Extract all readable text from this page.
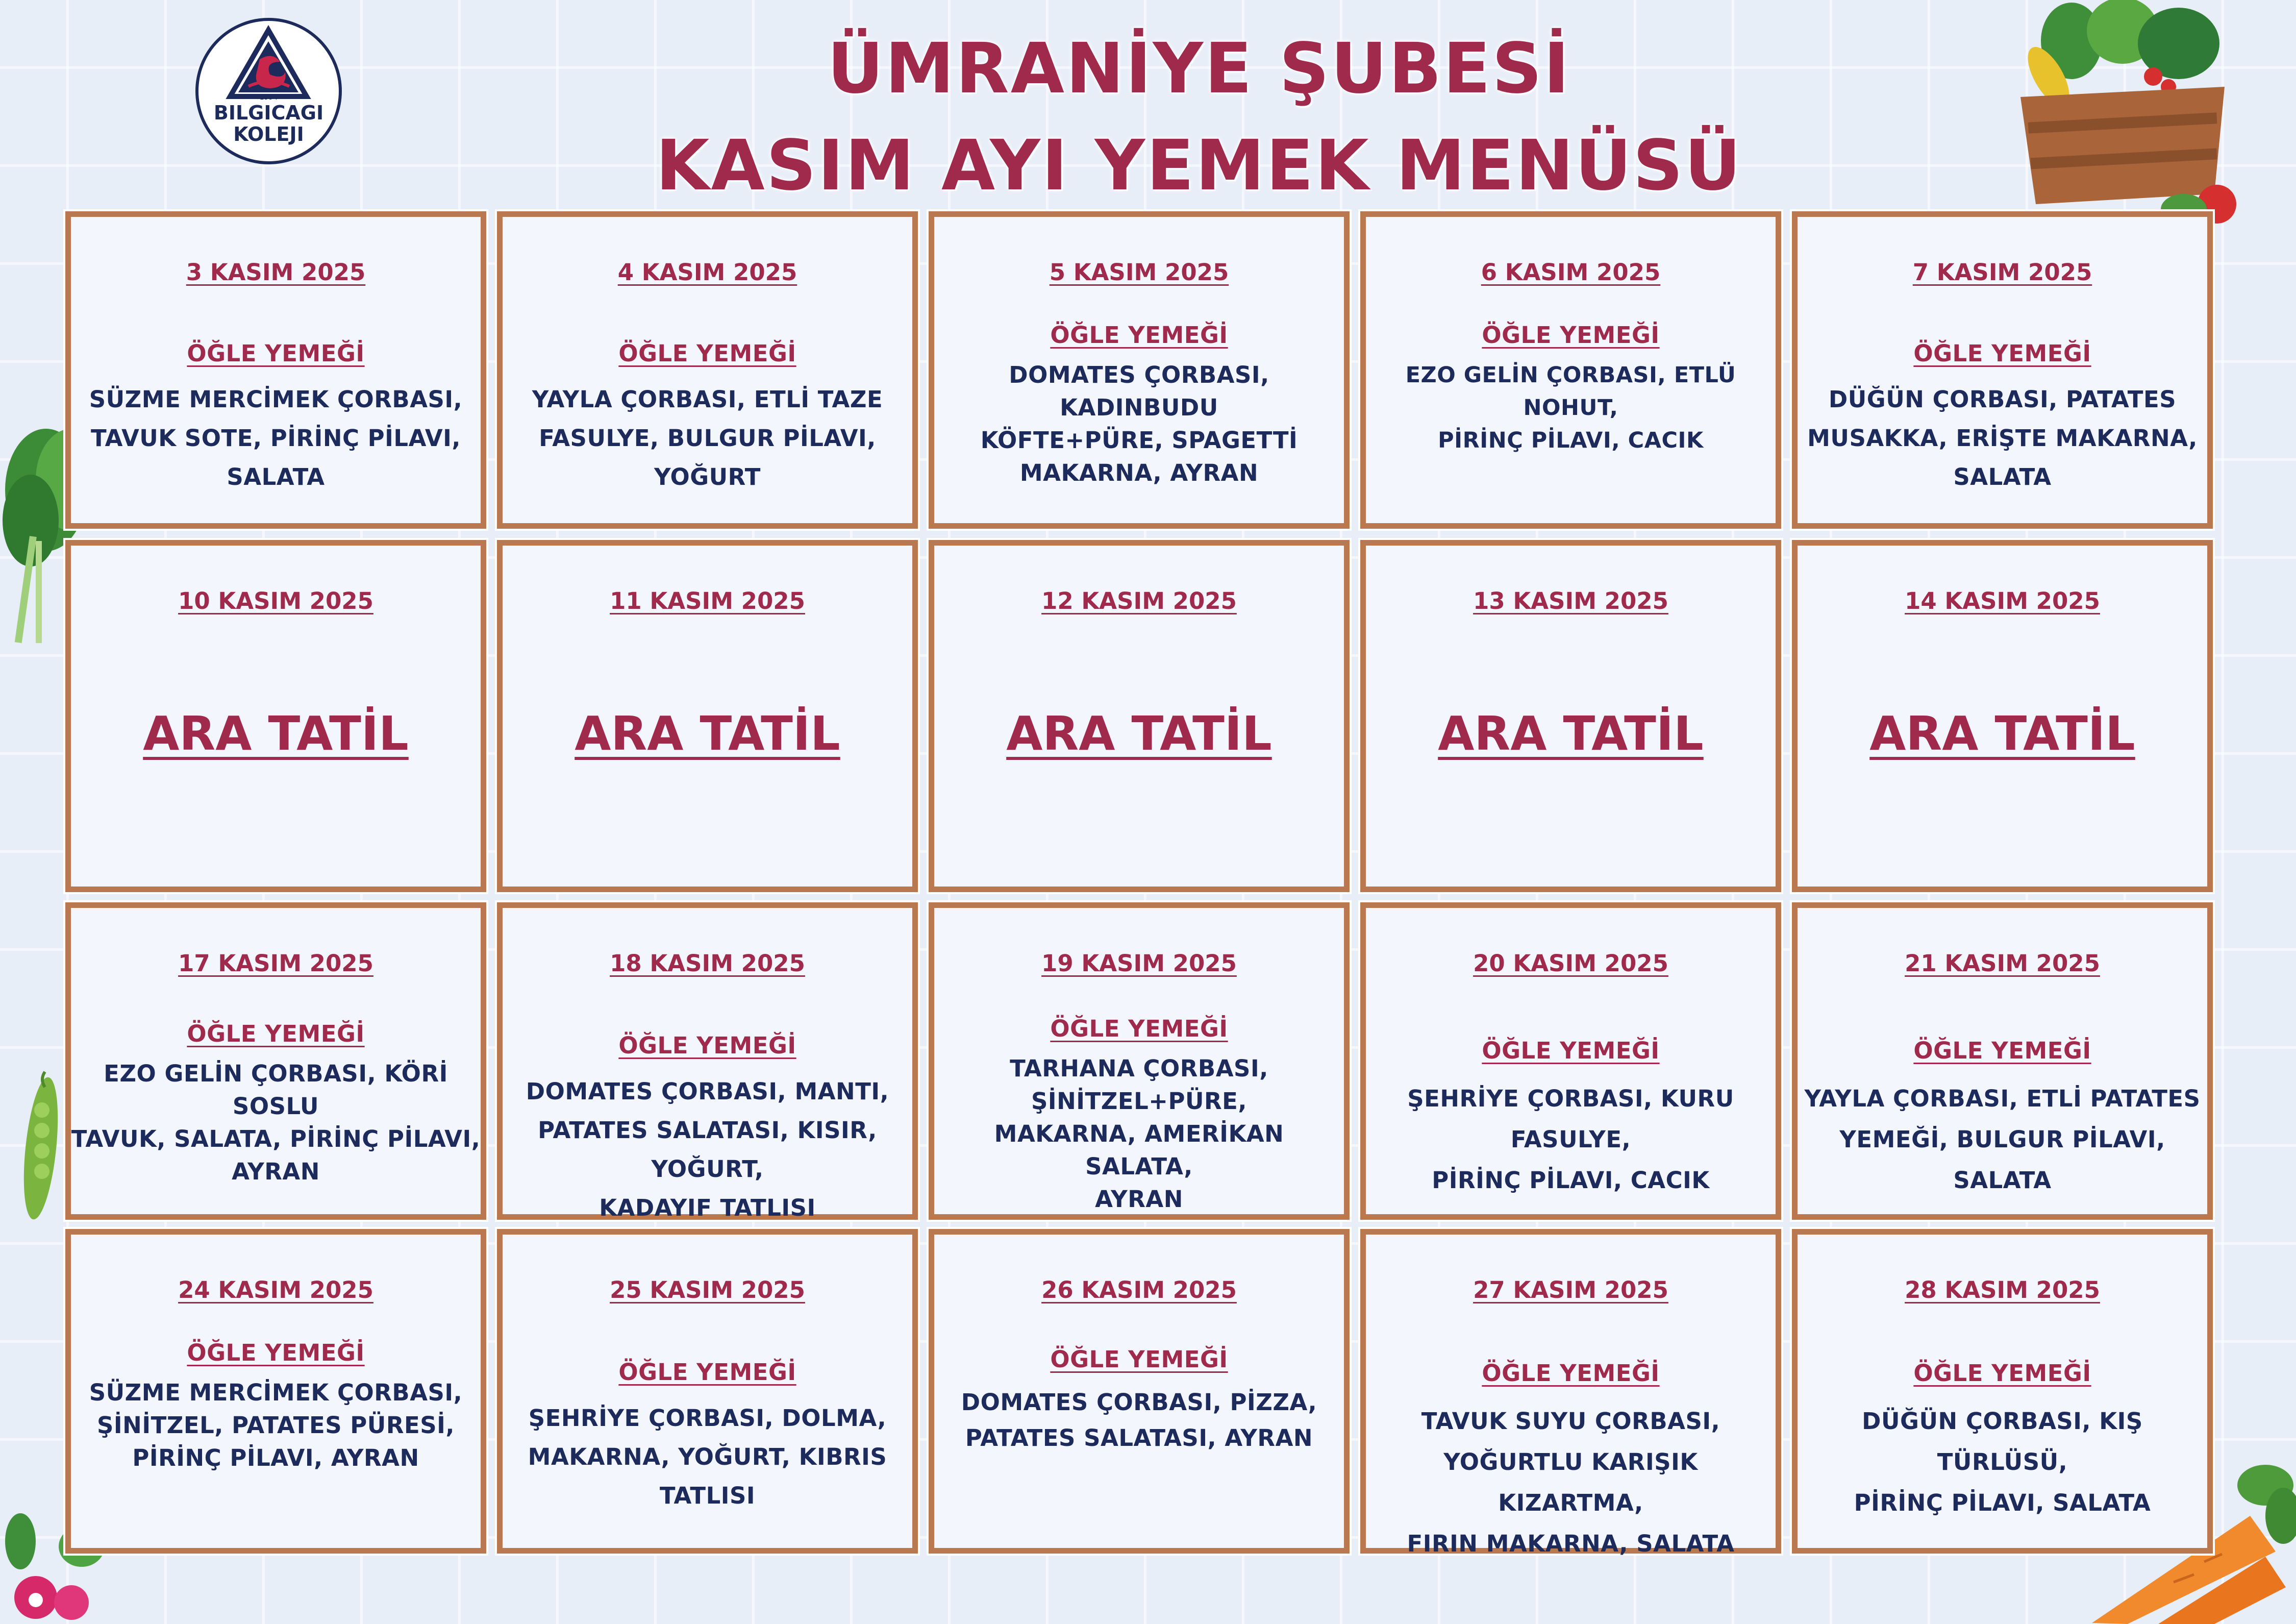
ÜMRANİYE ŞUBESİ
KASIM AYI YEMEK MENÜSÜ
1994
BILGICAGI
KOLEJI
3 KASIM 2025
ÖĞLE YEMEĞİ
SÜZME MERCİMEK ÇORBASI,
TAVUK SOTE, PİRİNÇ PİLAVI,
SALATA
4 KASIM 2025
ÖĞLE YEMEĞİ
YAYLA ÇORBASI, ETLİ TAZE
FASULYE, BULGUR PİLAVI,
YOĞURT
5 KASIM 2025
ÖĞLE YEMEĞİ
DOMATES ÇORBASI, KADINBUDU
KÖFTE+PÜRE, SPAGETTİ
MAKARNA, AYRAN
6 KASIM 2025
ÖĞLE YEMEĞİ
EZO GELİN ÇORBASI, ETLÜ NOHUT,
PİRİNÇ PİLAVI, CACIK
7 KASIM 2025
ÖĞLE YEMEĞİ
DÜĞÜN ÇORBASI, PATATES
MUSAKKA, ERİŞTE MAKARNA,
SALATA
10 KASIM 2025
ARA TATİL
11 KASIM 2025
ARA TATİL
12 KASIM 2025
ARA TATİL
13 KASIM 2025
ARA TATİL
14 KASIM 2025
ARA TATİL
17 KASIM 2025
ÖĞLE YEMEĞİ
EZO GELİN ÇORBASI, KÖRİ SOSLU
TAVUK, SALATA, PİRİNÇ PİLAVI,
AYRAN
18 KASIM 2025
ÖĞLE YEMEĞİ
DOMATES ÇORBASI, MANTI,
PATATES SALATASI, KISIR,
YOĞURT,
KADAYIF TATLISI
19 KASIM 2025
ÖĞLE YEMEĞİ
TARHANA ÇORBASI,
ŞİNİTZEL+PÜRE,
MAKARNA, AMERİKAN SALATA,
AYRAN
20 KASIM 2025
ÖĞLE YEMEĞİ
ŞEHRİYE ÇORBASI, KURU FASULYE,
PİRİNÇ PİLAVI, CACIK
21 KASIM 2025
ÖĞLE YEMEĞİ
YAYLA ÇORBASI, ETLİ PATATES
YEMEĞİ, BULGUR PİLAVI, SALATA
24 KASIM 2025
ÖĞLE YEMEĞİ
SÜZME MERCİMEK ÇORBASI,
ŞİNİTZEL, PATATES PÜRESİ,
PİRİNÇ PİLAVI, AYRAN
25 KASIM 2025
ÖĞLE YEMEĞİ
ŞEHRİYE ÇORBASI, DOLMA,
MAKARNA, YOĞURT, KIBRIS
TATLISI
26 KASIM 2025
ÖĞLE YEMEĞİ
DOMATES ÇORBASI, PİZZA,
PATATES SALATASI, AYRAN
27 KASIM 2025
ÖĞLE YEMEĞİ
TAVUK SUYU ÇORBASI,
YOĞURTLU KARIŞIK KIZARTMA,
FIRIN MAKARNA, SALATA
28 KASIM 2025
ÖĞLE YEMEĞİ
DÜĞÜN ÇORBASI, KIŞ TÜRLÜSÜ,
PİRİNÇ PİLAVI, SALATA
